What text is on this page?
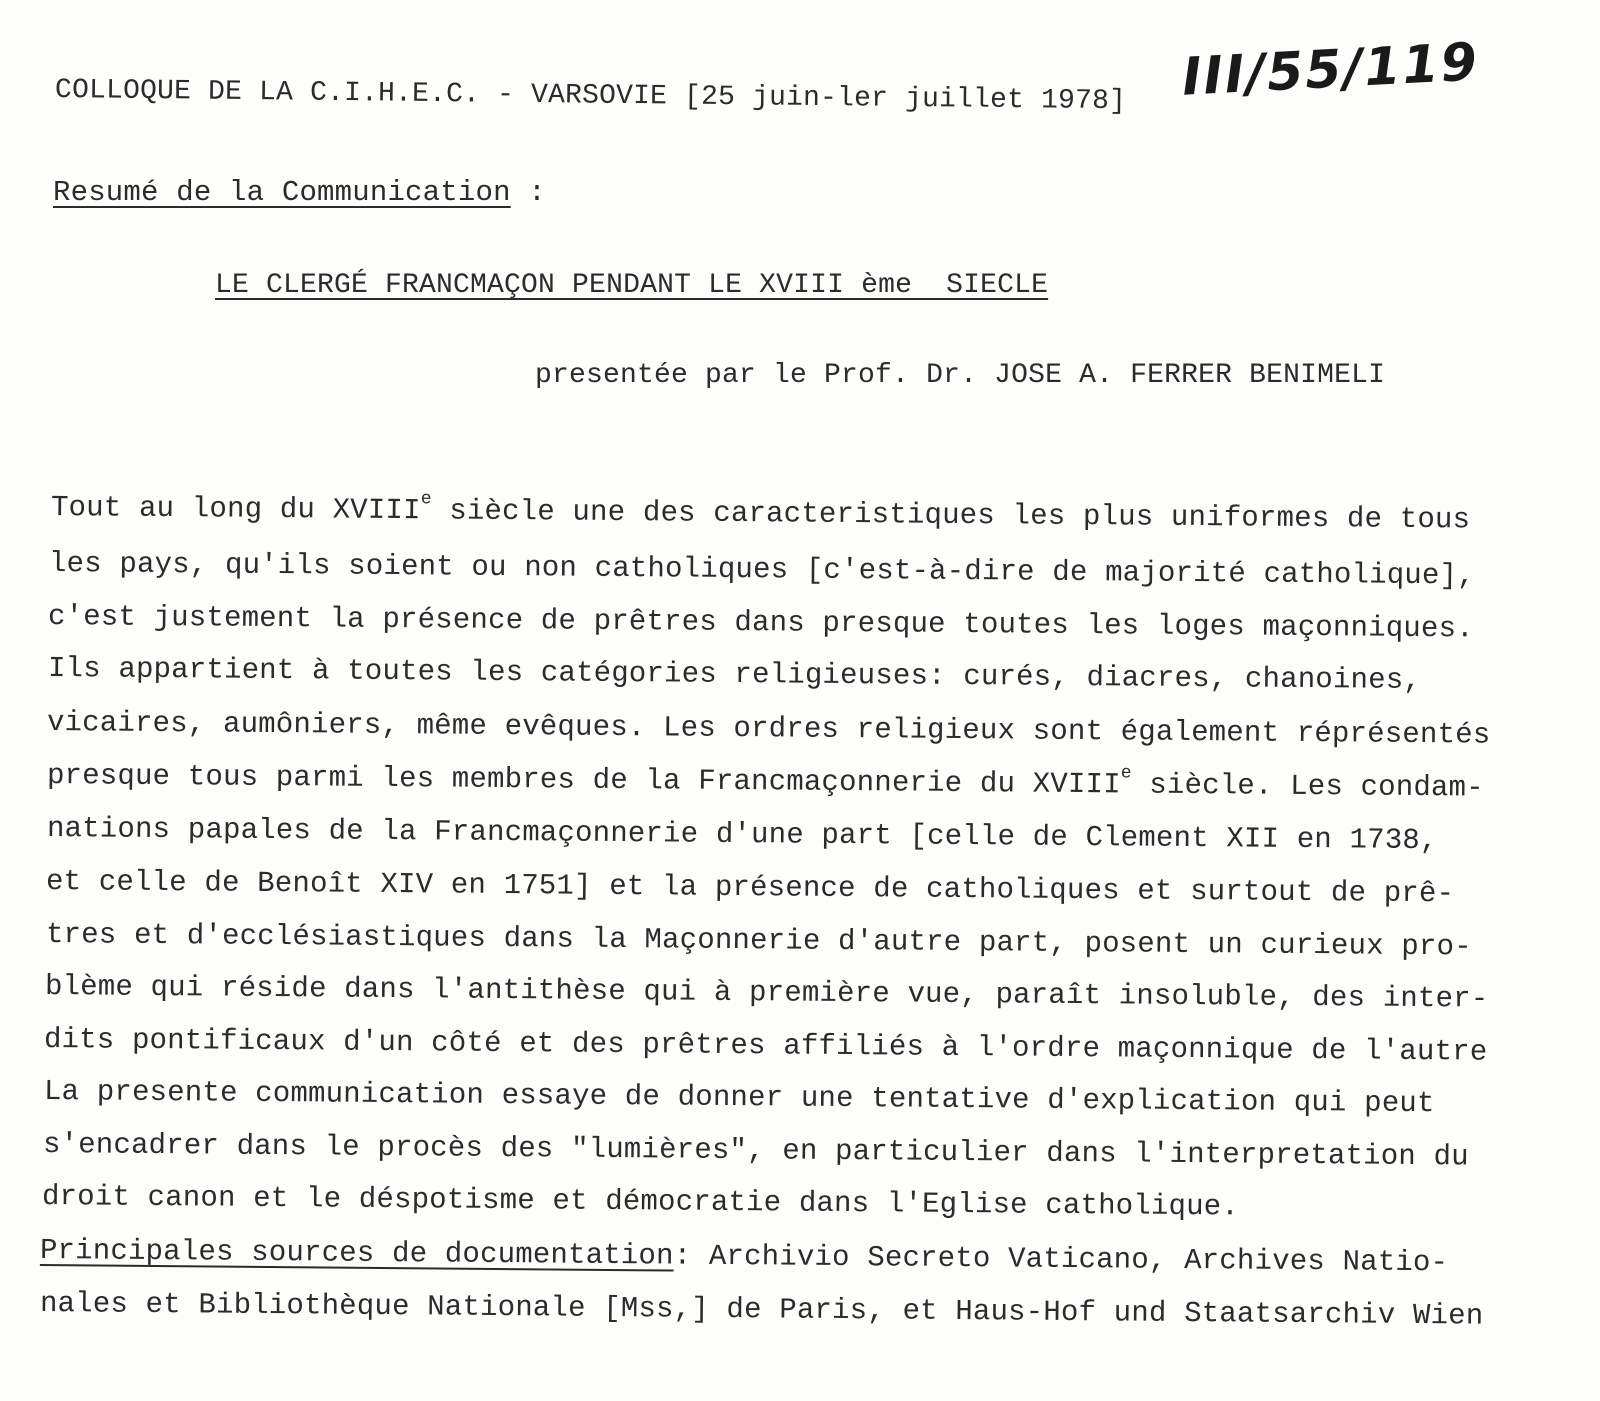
COLLOQUE DE LA C.I.H.E.C. - VARSOVIE [25 juin-ler juillet 1978] III/55/119
Resumé de la Communication :
LE CLERGÉ FRANCMAÇON PENDANT LE XVIII ème  SIECLE
presentée par le Prof. Dr. JOSE A. FERRER BENIMELI
Tout au long du XVIIIe siècle une des caracteristiques les plus uniformes de tous
les pays, qu'ils soient ou non catholiques [c'est-à-dire de majorité catholique],
c'est justement la présence de prêtres dans presque toutes les loges maçonniques.
Ils appartient à toutes les catégories religieuses: curés, diacres, chanoines,
vicaires, aumôniers, même evêques. Les ordres religieux sont également réprésentés
presque tous parmi les membres de la Francmaçonnerie du XVIIIe siècle. Les condam-
nations papales de la Francmaçonnerie d'une part [celle de Clement XII en 1738,
et celle de Benoît XIV en 1751] et la présence de catholiques et surtout de prê-
tres et d'ecclésiastiques dans la Maçonnerie d'autre part, posent un curieux pro-
blème qui réside dans l'antithèse qui à première vue, paraît insoluble, des inter-
dits pontificaux d'un côté et des prêtres affiliés à l'ordre maçonnique de l'autre
La presente communication essaye de donner une tentative d'explication qui peut
s'encadrer dans le procès des "lumières", en particulier dans l'interpretation du
droit canon et le déspotisme et démocratie dans l'Eglise catholique.
Principales sources de documentation: Archivio Secreto Vaticano, Archives Natio-
nales et Bibliothèque Nationale [Mss,] de Paris, et Haus-Hof und Staatsarchiv Wien
